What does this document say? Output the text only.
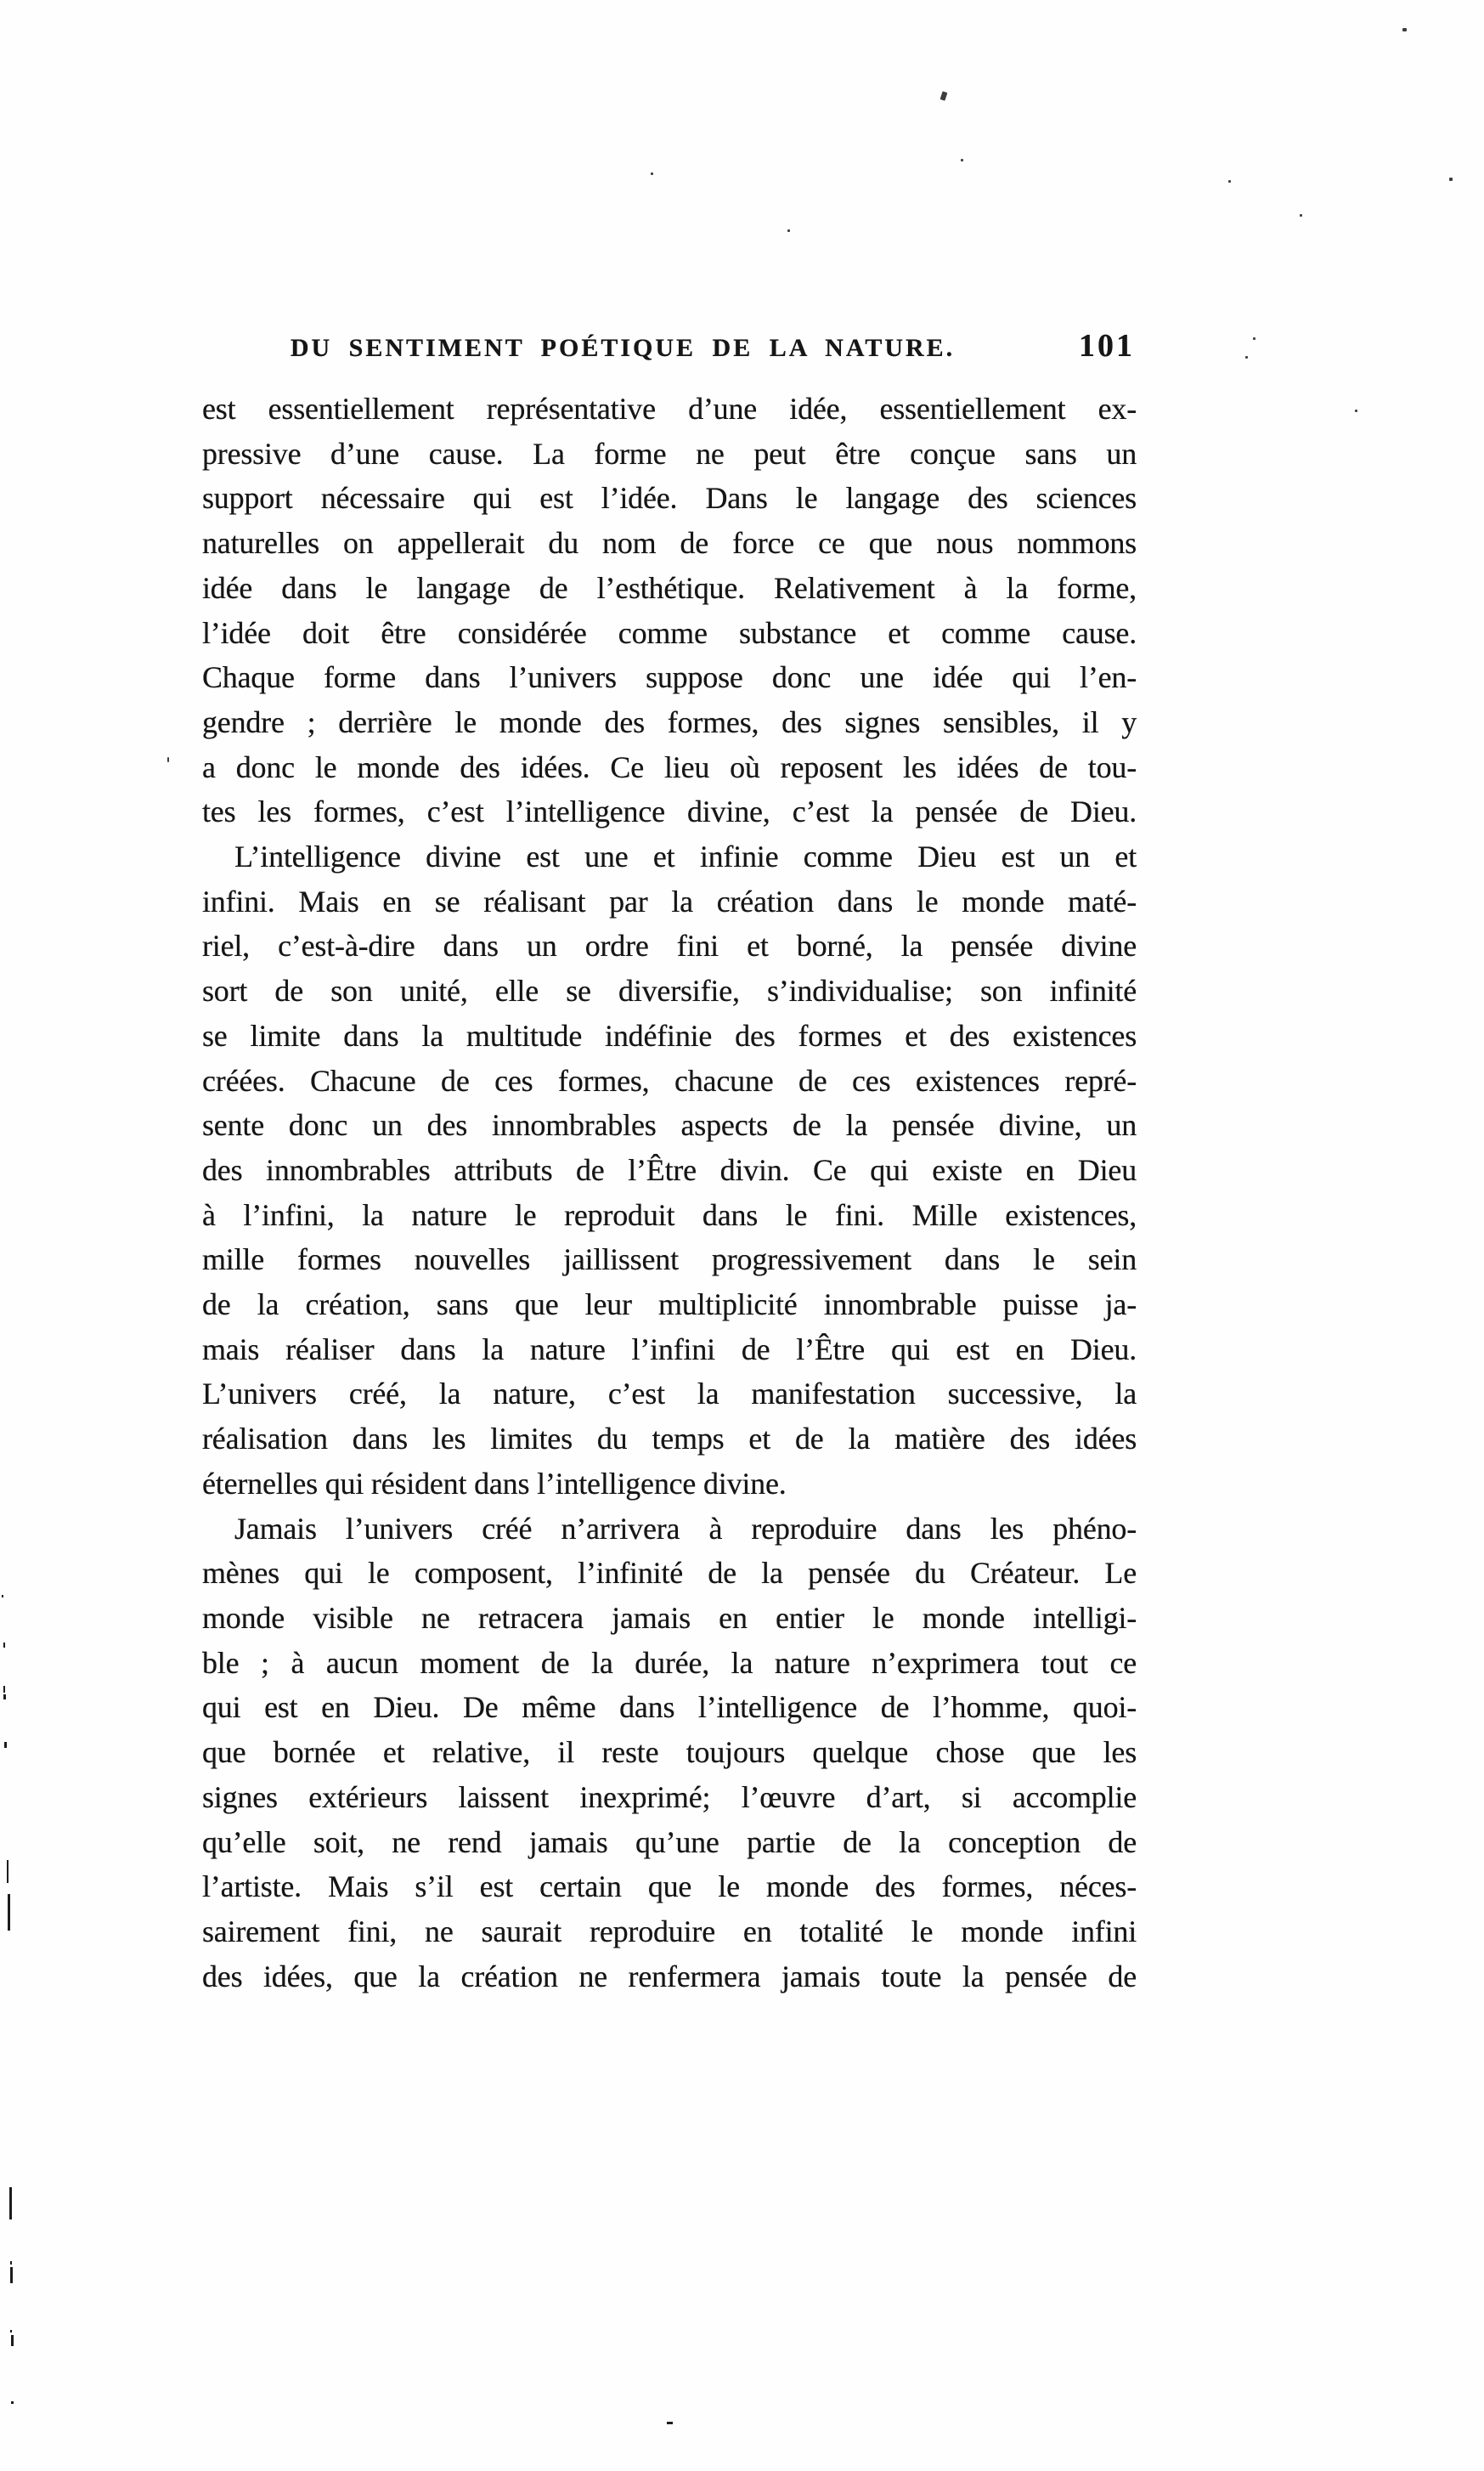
DU SENTIMENT POÉTIQUE DE LA NATURE.	101
est essentiellement représentative d’une idée, essentiellement ex-
pressive d’une cause. La forme ne peut être conçue sans un
support nécessaire qui est l’idée. Dans le langage des sciences
naturelles on appellerait du nom de force ce que nous nommons
idée dans le langage de l’esthétique. Relativement à la forme,
l’idée doit être considérée comme substance et comme cause.
Chaque forme dans l’univers suppose donc une idée qui l’en-
gendre ; derrière le monde des formes, des signes sensibles, il y
a donc le monde des idées. Ce lieu où reposent les idées de tou-
tes les formes, c’est l’intelligence divine, c’est la pensée de Dieu.
L’intelligence divine est une et infinie comme Dieu est un et
infini. Mais en se réalisant par la création dans le monde maté-
riel, c’est-à-dire dans un ordre fini et borné, la pensée divine
sort de son unité, elle se diversifie, s’individualise; son infinité
se limite dans la multitude indéfinie des formes et des existences
créées. Chacune de ces formes, chacune de ces existences repré-
sente donc un des innombrables aspects de la pensée divine, un
des innombrables attributs de l’Être divin. Ce qui existe en Dieu
à l’infini, la nature le reproduit dans le fini. Mille existences,
mille formes nouvelles jaillissent progressivement dans le sein
de la création, sans que leur multiplicité innombrable puisse ja-
mais réaliser dans la nature l’infini de l’Être qui est en Dieu.
L’univers créé, la nature, c’est la manifestation successive, la
réalisation dans les limites du temps et de la matière des idées
éternelles qui résident dans l’intelligence divine.
Jamais l’univers créé n’arrivera à reproduire dans les phéno-
mènes qui le composent, l’infinité de la pensée du Créateur. Le
monde visible ne retracera jamais en entier le monde intelligi-
ble ; à aucun moment de la durée, la nature n’exprimera tout ce
qui est en Dieu. De même dans l’intelligence de l’homme, quoi-
que bornée et relative, il reste toujours quelque chose que les
signes extérieurs laissent inexprimé; l’œuvre d’art, si accomplie
qu’elle soit, ne rend jamais qu’une partie de la conception de
l’artiste. Mais s’il est certain que le monde des formes, néces-
sairement fini, ne saurait reproduire en totalité le monde infini
des idées, que la création ne renfermera jamais toute la pensée de
